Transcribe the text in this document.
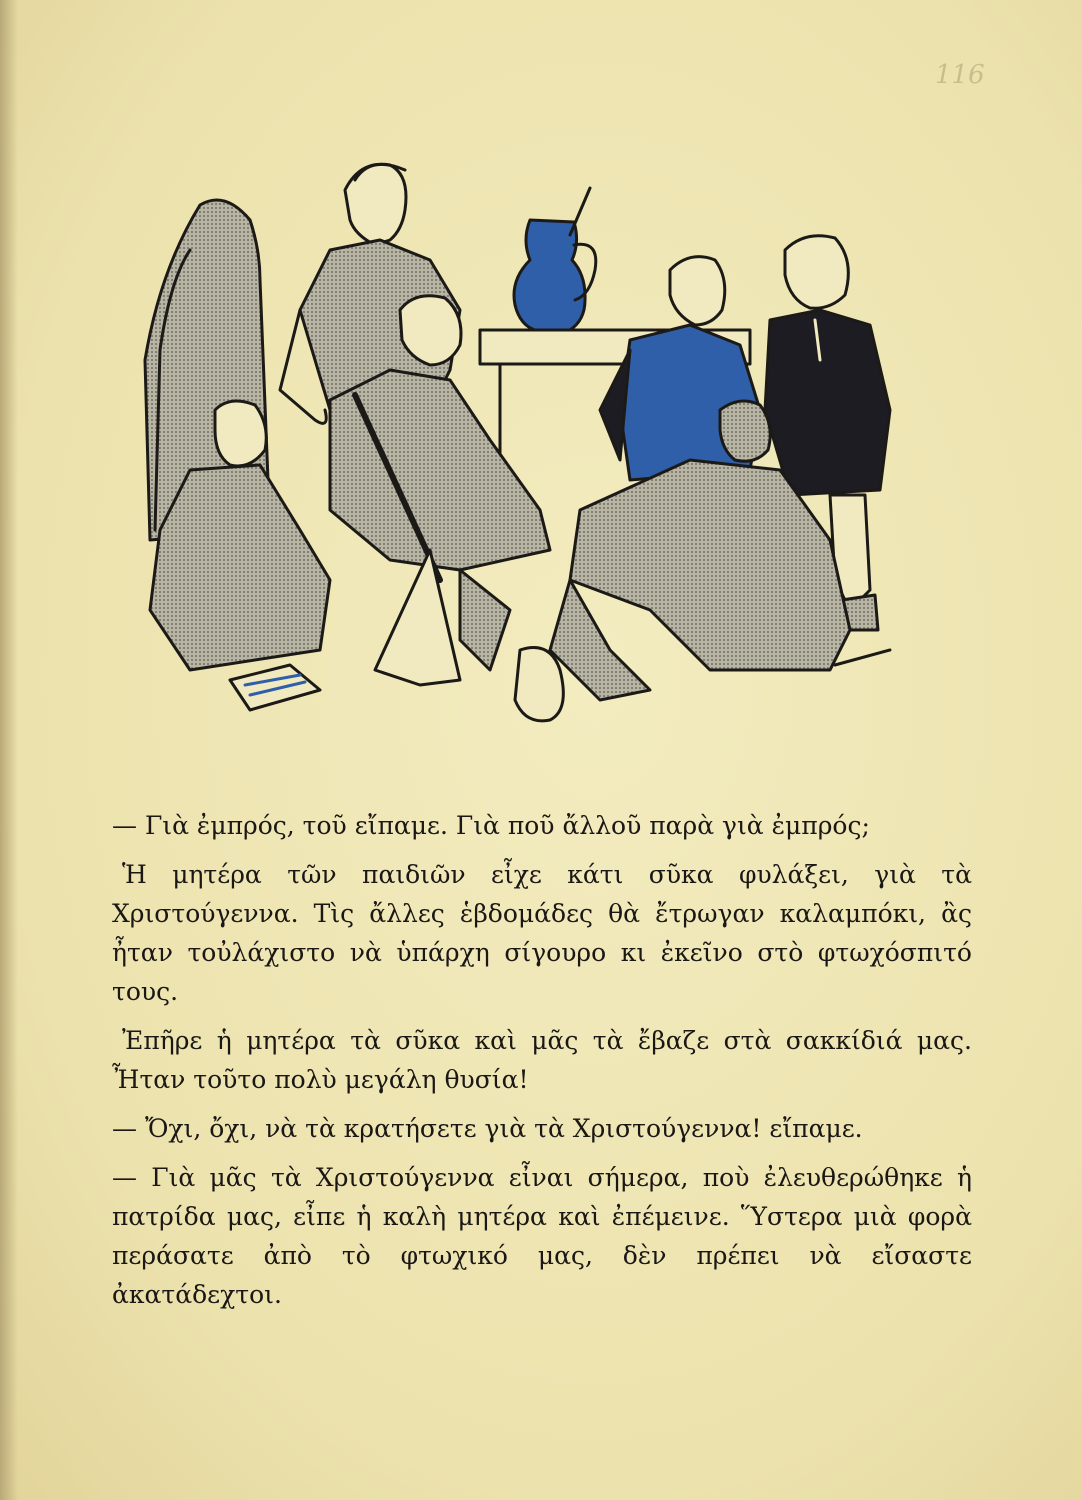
116

— Γιὰ ἐμπρός, τοῦ εἴπαμε. Γιὰ ποῦ ἄλλοῦ παρὰ γιὰ ἐμπρός;

Ἡ μητέρα τῶν παιδιῶν εἶχε κάτι σῦκα φυλάξει, γιὰ τὰ Χριστούγεννα. Τὶς ἄλλες ἑβδομάδες θὰ ἔτρωγαν καλαμπόκι, ἂς ἦταν τοὐλάχιστο νὰ ὑπάρχη σίγουρο κι ἐκεῖνο στὸ φτωχόσπιτό τους.

Ἐπῆρε ἡ μητέρα τὰ σῦκα καὶ μᾶς τὰ ἔβαζε στὰ σακκίδιά μας. Ἦταν τοῦτο πολὺ μεγάλη θυσία!

— Ὄχι, ὄχι, νὰ τὰ κρατήσετε γιὰ τὰ Χριστούγεννα! εἴπαμε.

— Γιὰ μᾶς τὰ Χριστούγεννα εἶναι σήμερα, ποὺ ἐλευθερώθηκε ἡ πατρίδα μας, εἶπε ἡ καλὴ μητέρα καὶ ἐπέμεινε. Ὕστερα μιὰ φορὰ περάσατε ἀπὸ τὸ φτωχικό μας, δὲν πρέπει νὰ εἴσαστε ἀκατάδεχτοι.
